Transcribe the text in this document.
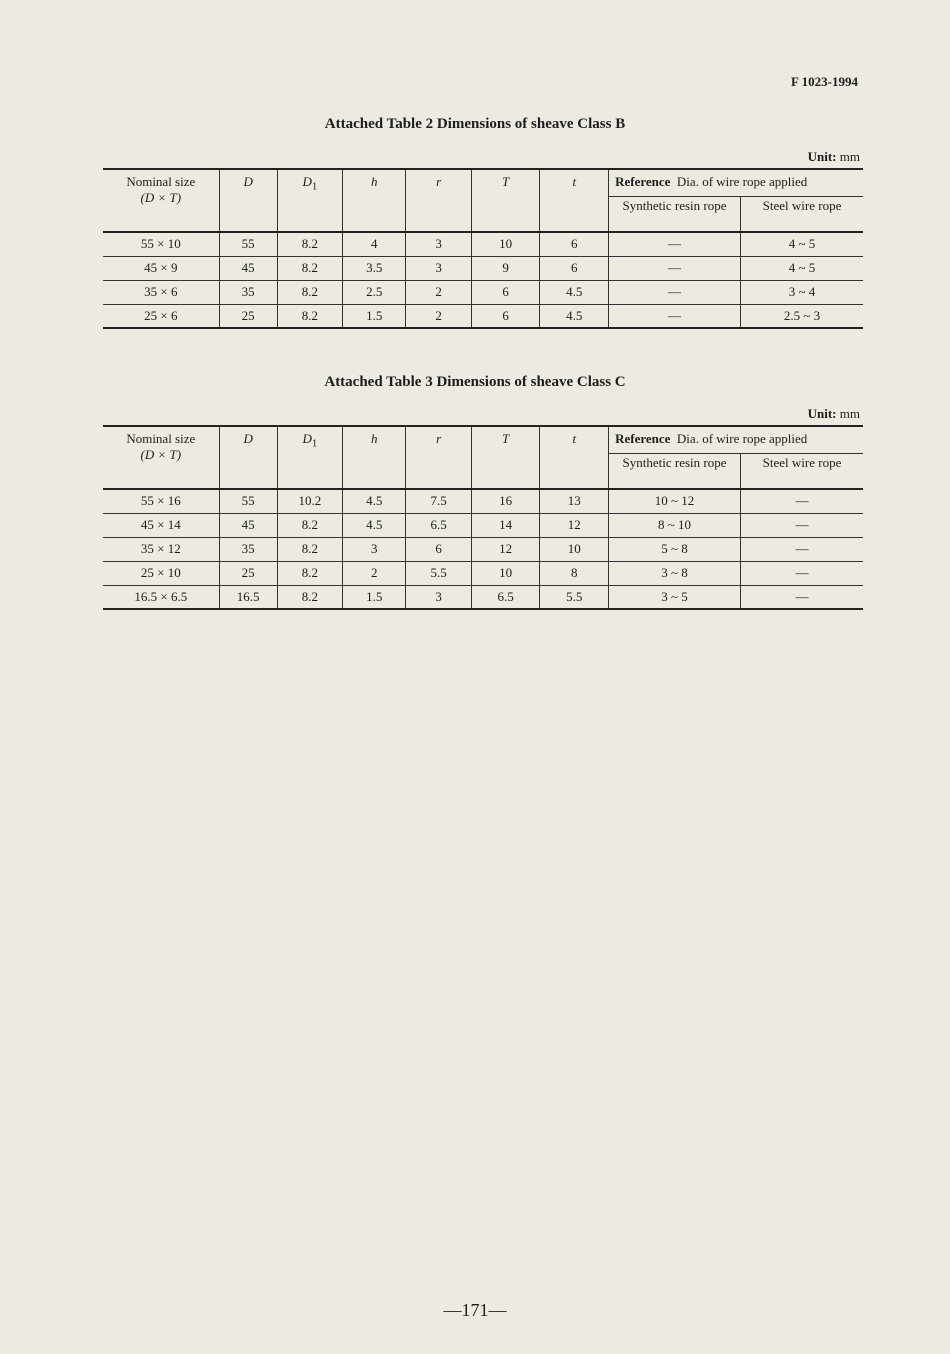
F 1023-1994
Attached Table 2 Dimensions of sheave Class B
Unit: mm
Nominal size
(D × T)	D	$D_1$	h	r	T	t	Reference Dia. of wire rope applied	
							Synthetic resin rope	Steel wire rope
55 × 10	55	8.2	4	3	10	6	—	4 ~ 5
45 × 9	45	8.2	3.5	3	9	6	—	4 ~ 5
35 × 6	35	8.2	2.5	2	6	4.5	—	3 ~ 4
25 × 6	25	8.2	1.5	2	6	4.5	—	2.5 ~ 3
Attached Table 3 Dimensions of sheave Class C
Unit: mm
Nominal size
(D × T)	D	$D_1$	h	r	T	t	Reference Dia. of wire rope applied	
							Synthetic resin rope	Steel wire rope
55 × 16	55	10.2	4.5	7.5	16	13	10 ~ 12	—
45 × 14	45	8.2	4.5	6.5	14	12	8 ~ 10	—
35 × 12	35	8.2	3	6	12	10	5 ~ 8	—
25 × 10	25	8.2	2	5.5	10	8	3 ~ 8	—
16.5 × 6.5	16.5	8.2	1.5	3	6.5	5.5	3 ~ 5	—
—171—
